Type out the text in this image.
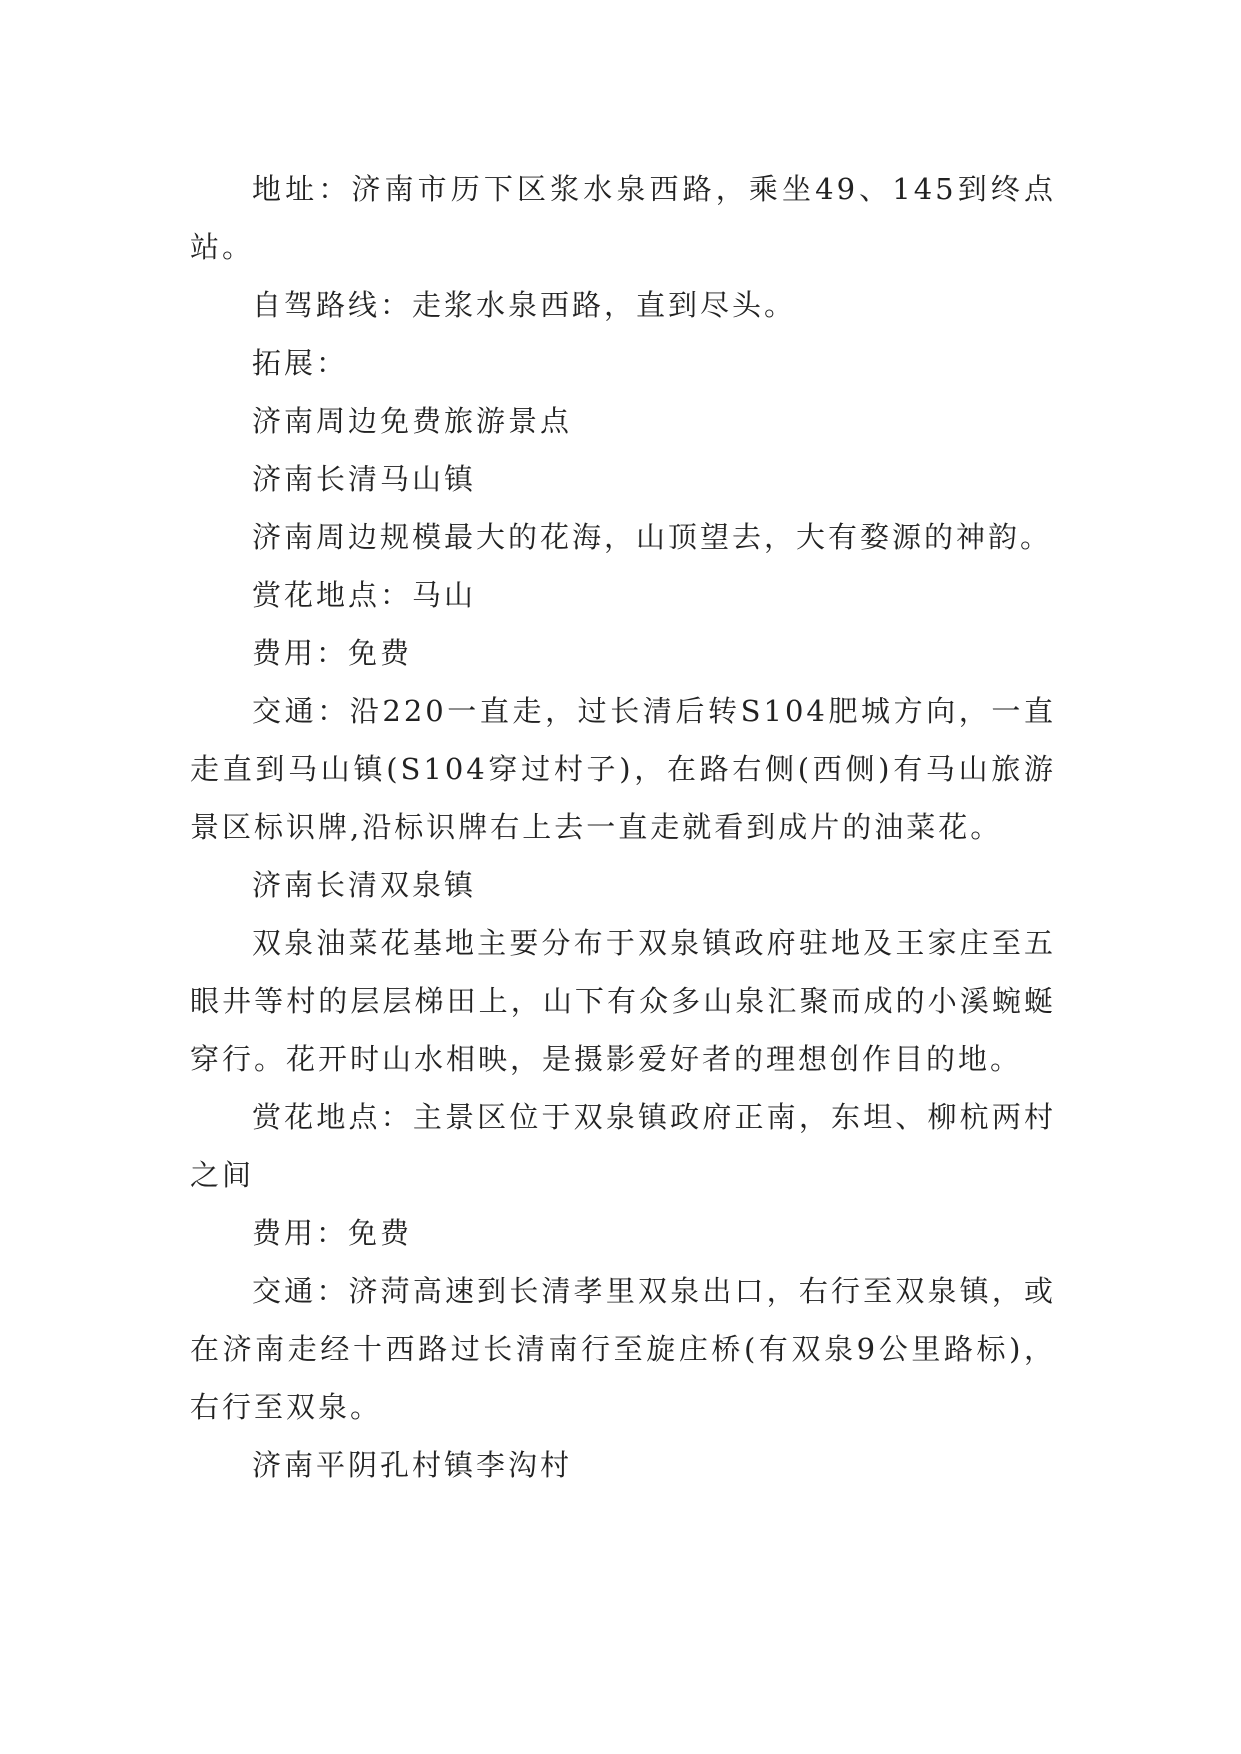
地址：济南市历下区浆水泉西路，乘坐49、145到终点站。

自驾路线：走浆水泉西路，直到尽头。

拓展：

济南周边免费旅游景点

济南长清马山镇

济南周边规模最大的花海，山顶望去，大有婺源的神韵。

赏花地点：马山

费用：免费

交通：沿220一直走，过长清后转S104肥城方向，一直走直到马山镇(S104穿过村子)，在路右侧(西侧)有马山旅游景区标识牌,沿标识牌右上去一直走就看到成片的油菜花。

济南长清双泉镇

双泉油菜花基地主要分布于双泉镇政府驻地及王家庄至五眼井等村的层层梯田上，山下有众多山泉汇聚而成的小溪蜿蜒穿行。花开时山水相映，是摄影爱好者的理想创作目的地。

赏花地点：主景区位于双泉镇政府正南，东坦、柳杭两村之间

费用：免费

交通：济菏高速到长清孝里双泉出口，右行至双泉镇，或在济南走经十西路过长清南行至旋庄桥(有双泉9公里路标)，右行至双泉。

济南平阴孔村镇李沟村
